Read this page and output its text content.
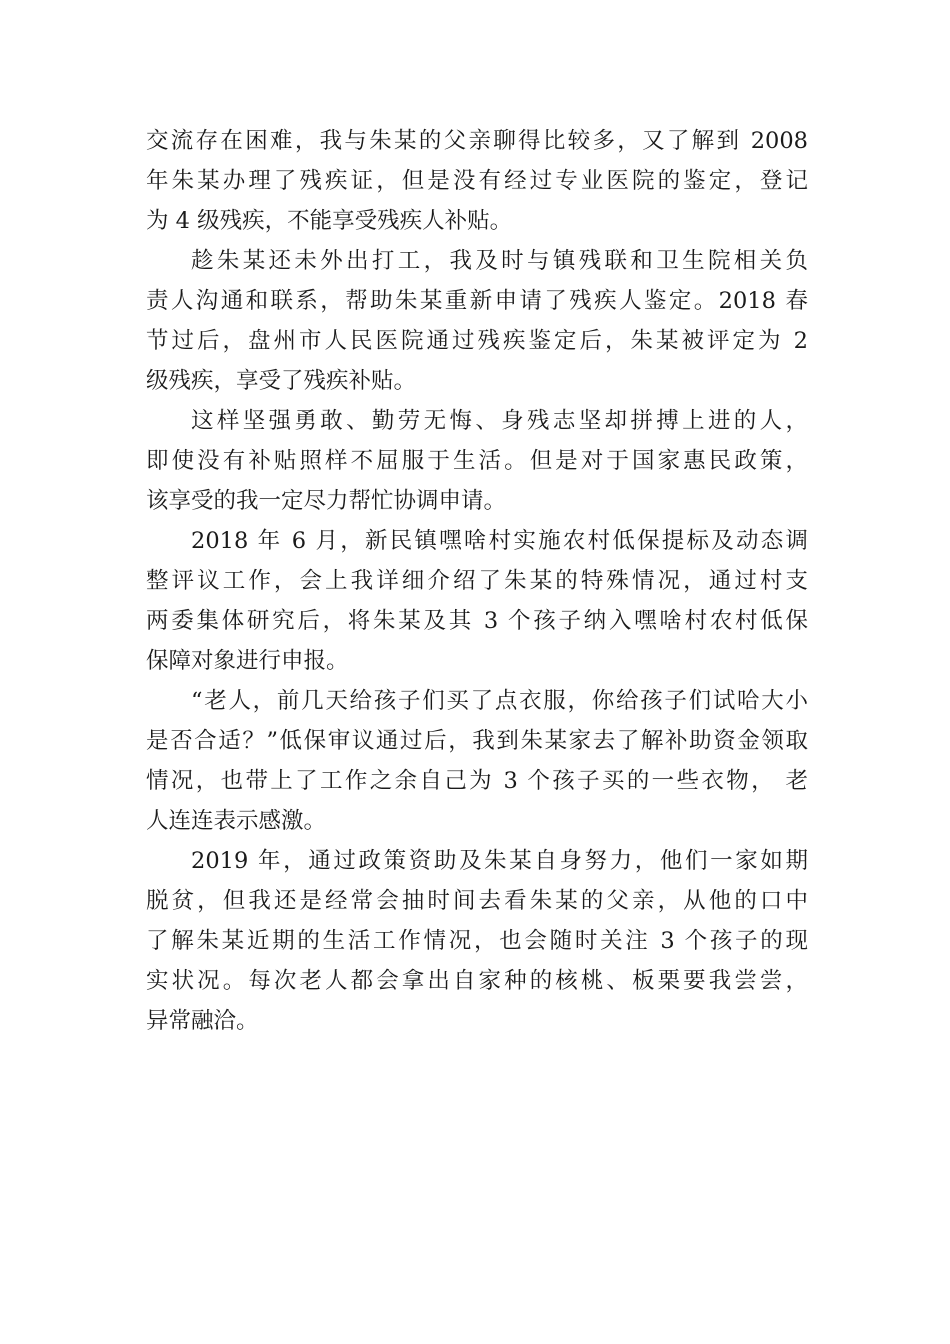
交流存在困难，我与朱某的父亲聊得比较多，又了解到 2008
年朱某办理了残疾证，但是没有经过专业医院的鉴定，登记
为 4 级残疾，不能享受残疾人补贴。
趁朱某还未外出打工，我及时与镇残联和卫生院相关负
责人沟通和联系，帮助朱某重新申请了残疾人鉴定。2018 春
节过后，盘州市人民医院通过残疾鉴定后，朱某被评定为 2
级残疾，享受了残疾补贴。
这样坚强勇敢、勤劳无悔、身残志坚却拼搏上进的人，
即使没有补贴照样不屈服于生活。但是对于国家惠民政策，
该享受的我一定尽力帮忙协调申请。
2018 年 6 月，新民镇嘿啥村实施农村低保提标及动态调
整评议工作，会上我详细介绍了朱某的特殊情况，通过村支
两委集体研究后，将朱某及其 3 个孩子纳入嘿啥村农村低保
保障对象进行申报。
“老人，前几天给孩子们买了点衣服，你给孩子们试哈大小
是否合适？”低保审议通过后，我到朱某家去了解补助资金领取
情况，也带上了工作之余自己为 3 个孩子买的一些衣物， 老
人连连表示感激。
2019 年，通过政策资助及朱某自身努力，他们一家如期
脱贫，但我还是经常会抽时间去看朱某的父亲，从他的口中
了解朱某近期的生活工作情况，也会随时关注 3 个孩子的现
实状况。每次老人都会拿出自家种的核桃、板栗要我尝尝，
异常融洽。
